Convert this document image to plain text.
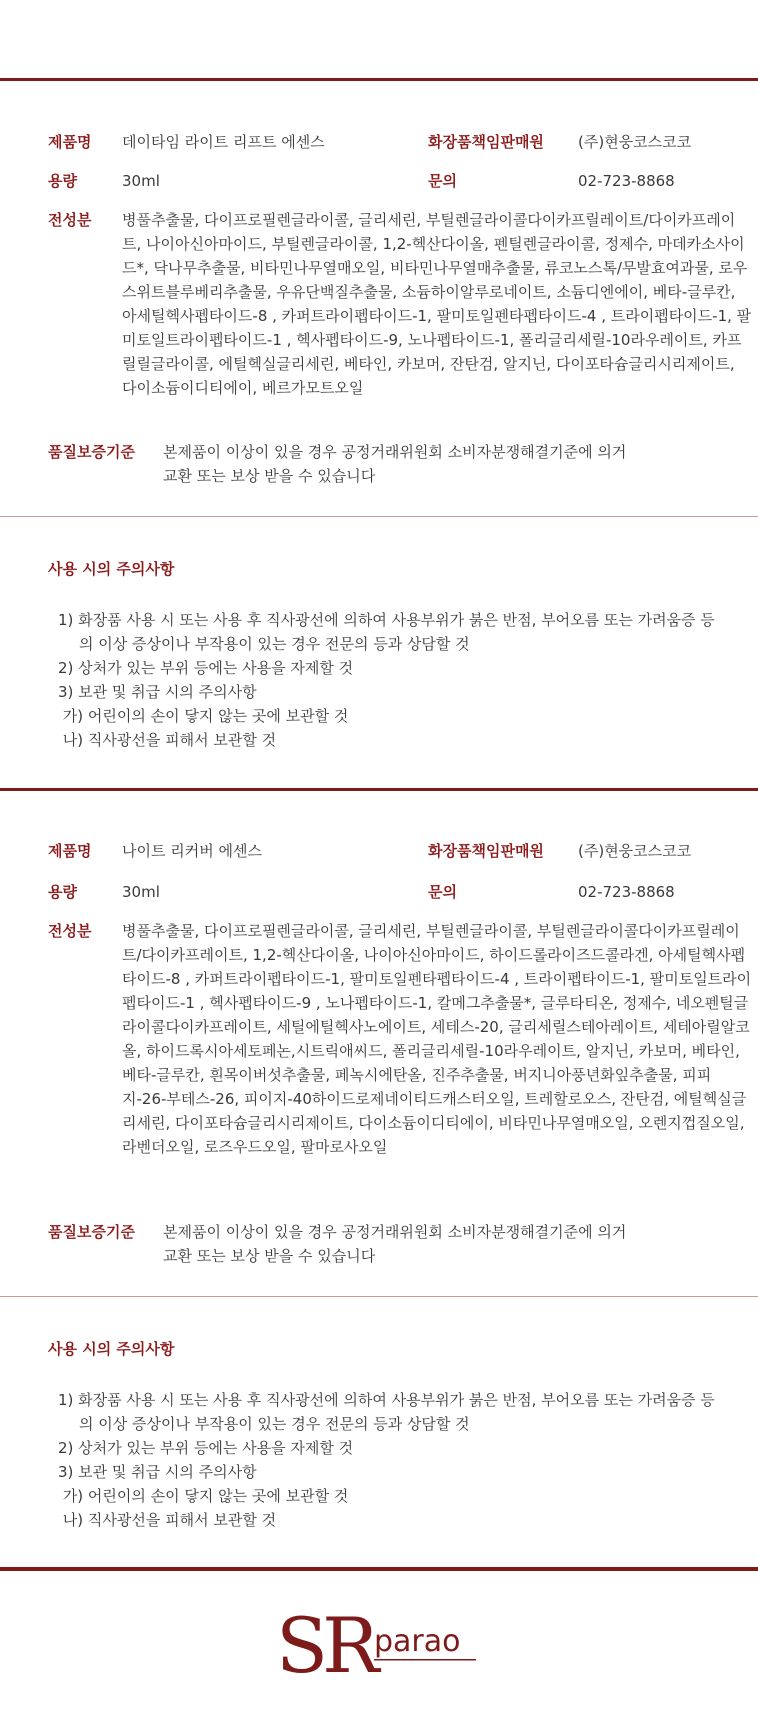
제품명 데이타임 라이트 리프트 에센스	화장품책임판매원 (주)현웅코스코코
용량	30ml	문의	02-723-8868
전성분 병풀추출물, 다이프로필렌글라이콜, 글리세린, 부틸렌글라이콜다이카프릴레이트/다이카프레이트, 나이아신아마이드, 부틸렌글라이콜, 1,2-헥산다이올, 펜틸렌글라이콜, 정제수, 마데카소사이드*, 닥나무추출물, 비타민나무열매오일, 비타민나무열매추출물, 류코노스톡/무발효여과물, 로우스위트블루베리추출물, 우유단백질추출물, 소듐하이알루로네이트, 소듐디엔에이, 베타-글루칸, 아세틸헥사펩타이드-8 , 카퍼트라이펩타이드-1, 팔미토일펜타펩타이드-4 , 트라이펩타이드-1, 팔미토일트라이펩타이드-1 , 헥사펩타이드-9, 노나펩타이드-1, 폴리글리세릴-10라우레이트, 카프릴릴글라이콜, 에틸헥실글리세린, 베타인, 카보머, 잔탄검, 알지닌, 다이포타슘글리시리제이트, 다이소듐이디티에이, 베르가모트오일

품질보증기준 본제품이 이상이 있을 경우 공정거래위원회 소비자분쟁해결기준에 의거
교환 또는 보상 받을 수 있습니다
사용 시의 주의사항
1) 화장품 사용 시 또는 사용 후 직사광선에 의하여 사용부위가 붉은 반점, 부어오름 또는 가려움증 등의 이상 증상이나 부작용이 있는 경우 전문의 등과 상담할 것
2) 상처가 있는 부위 등에는 사용을 자제할 것
3) 보관 및 취급 시의 주의사항
가) 어린이의 손이 닿지 않는 곳에 보관할 것
나) 직사광선을 피해서 보관할 것
제품명 나이트 리커버 에센스	화장품책임판매원 (주)현웅코스코코
용량	30ml	문의	02-723-8868
전성분 병풀추출물, 다이프로필렌글라이콜, 글리세린, 부틸렌글라이콜, 부틸렌글라이콜다이카프릴레이트/다이카프레이트, 1,2-헥산다이올, 나이아신아마이드, 하이드롤라이즈드콜라겐, 아세틸헥사펩타이드-8 , 카퍼트라이펩타이드-1, 팔미토일펜타펩타이드-4 , 트라이펩타이드-1, 팔미토일트라이펩타이드-1 , 헥사펩타이드-9 , 노나펩타이드-1, 칼메그추출물*, 글루타티온, 정제수, 네오펜틸글라이콜다이카프레이트, 세틸에틸헥사노에이트, 세테스-20, 글리세릴스테아레이트, 세테아릴알코올, 하이드록시아세토페논,시트릭애씨드, 폴리글리세릴-10라우레이트, 알지닌, 카보머, 베타인,베타-글루칸, 흰목이버섯추출물, 페녹시에탄올, 진주추출물, 버지니아풍년화잎추출물, 피피지-26-부테스-26, 피이지-40하이드로제네이티드캐스터오일, 트레할로오스, 잔탄검, 에틸헥실글리세린, 다이포타슘글리시리제이트, 다이소듐이디티에이, 비타민나무열매오일, 오렌지껍질오일, 라벤더오일, 로즈우드오일, 팔마로사오일

품질보증기준 본제품이 이상이 있을 경우 공정거래위원회 소비자분쟁해결기준에 의거
교환 또는 보상 받을 수 있습니다
사용 시의 주의사항
1) 화장품 사용 시 또는 사용 후 직사광선에 의하여 사용부위가 붉은 반점, 부어오름 또는 가려움증 등의 이상 증상이나 부작용이 있는 경우 전문의 등과 상담할 것
2) 상처가 있는 부위 등에는 사용을 자제할 것
3) 보관 및 취급 시의 주의사항
가) 어린이의 손이 닿지 않는 곳에 보관할 것
나) 직사광선을 피해서 보관할 것
SR parao
